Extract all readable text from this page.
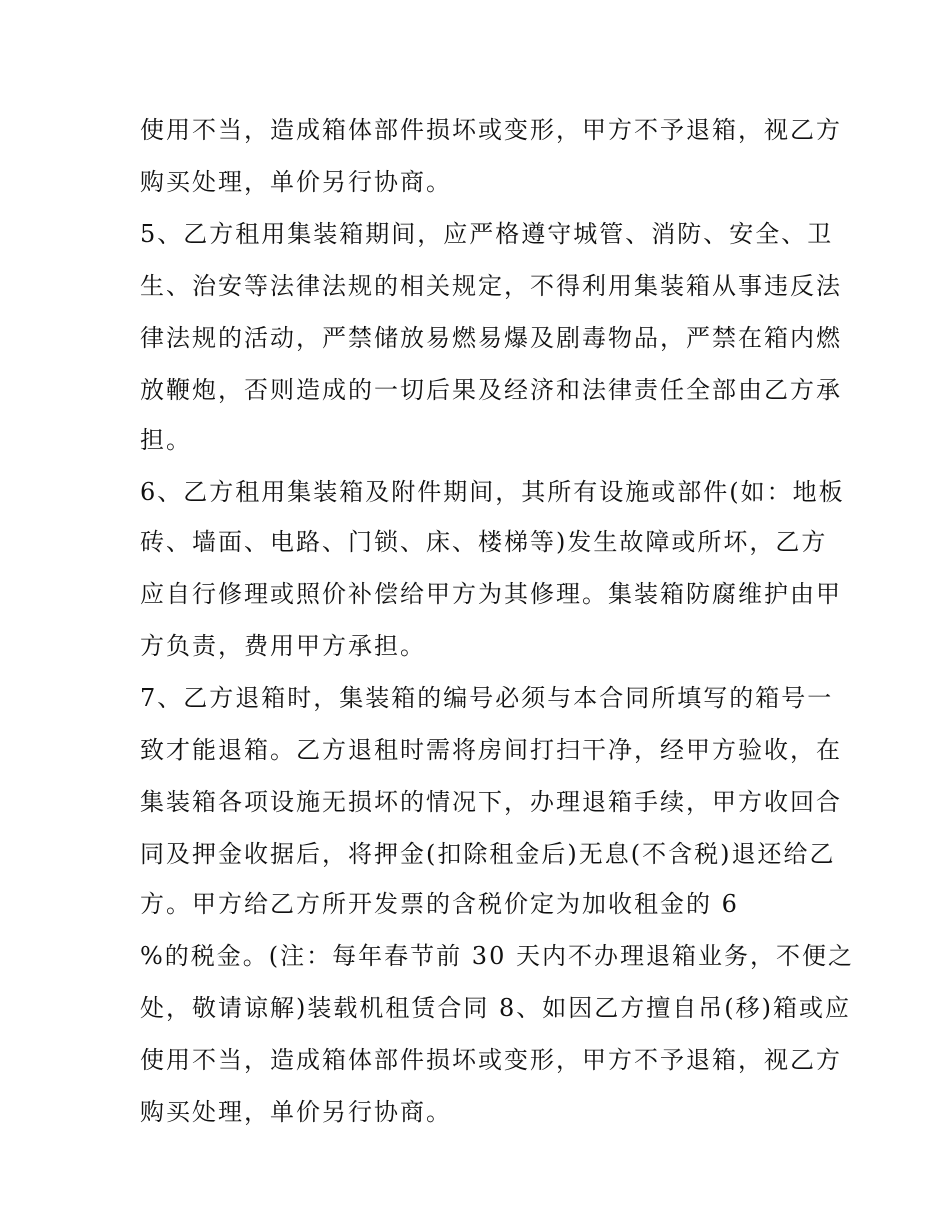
使用不当，造成箱体部件损坏或变形，甲方不予退箱，视乙方
购买处理，单价另行协商。
5、乙方租用集装箱期间，应严格遵守城管、消防、安全、卫
生、治安等法律法规的相关规定，不得利用集装箱从事违反法
律法规的活动，严禁储放易燃易爆及剧毒物品，严禁在箱内燃
放鞭炮，否则造成的一切后果及经济和法律责任全部由乙方承
担。
6、乙方租用集装箱及附件期间，其所有设施或部件(如：地板
砖、墙面、电路、门锁、床、楼梯等)发生故障或所坏，乙方
应自行修理或照价补偿给甲方为其修理。集装箱防腐维护由甲
方负责，费用甲方承担。
7、乙方退箱时，集装箱的编号必须与本合同所填写的箱号一
致才能退箱。乙方退租时需将房间打扫干净，经甲方验收，在
集装箱各项设施无损坏的情况下，办理退箱手续，甲方收回合
同及押金收据后，将押金(扣除租金后)无息(不含税)退还给乙
方。甲方给乙方所开发票的含税价定为加收租金的 6
%的税金。(注：每年春节前 30 天内不办理退箱业务，不便之
处，敬请谅解)装载机租赁合同 8、如因乙方擅自吊(移)箱或应
使用不当，造成箱体部件损坏或变形，甲方不予退箱，视乙方
购买处理，单价另行协商。
